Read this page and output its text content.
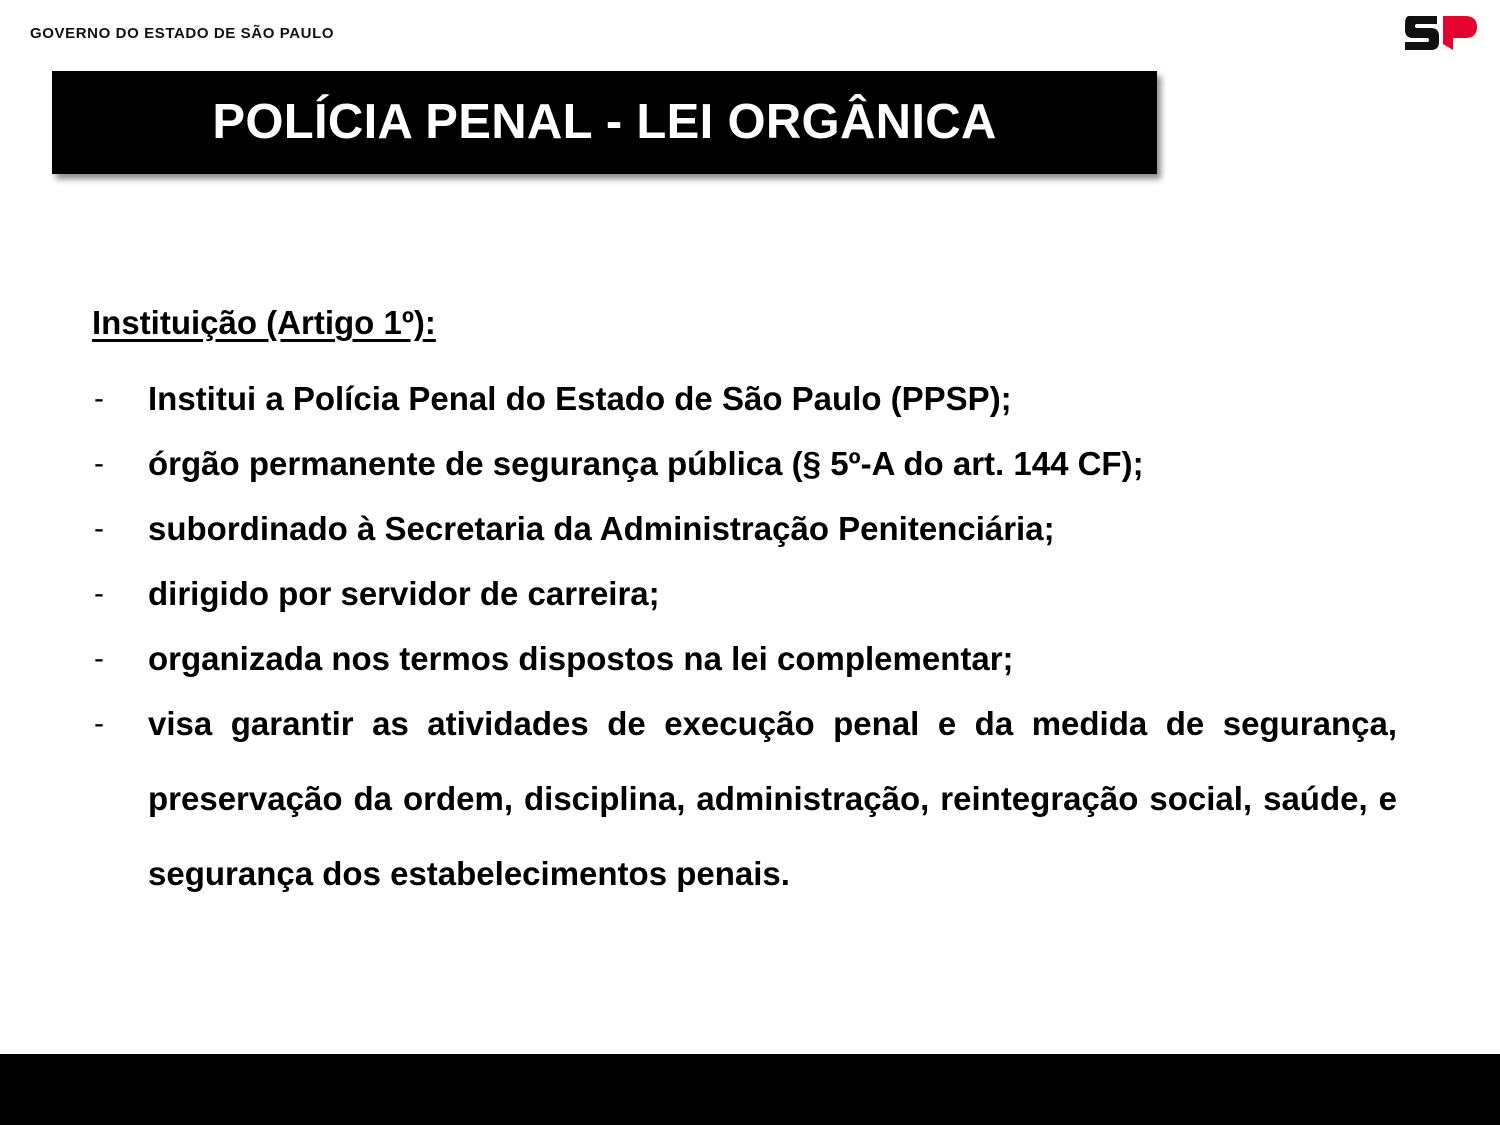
GOVERNO DO ESTADO DE SÃO PAULO
POLÍCIA PENAL - LEI ORGÂNICA
Instituição (Artigo 1º):
- Institui a Polícia Penal do Estado de São Paulo (PPSP);
- órgão permanente de segurança pública (§ 5º-A do art. 144 CF);
- subordinado à Secretaria da Administração Penitenciária;
- dirigido por servidor de carreira;
- organizada nos termos dispostos na lei complementar;
- visa garantir as atividades de execução penal e da medida de segurança, preservação da ordem, disciplina, administração, reintegração social, saúde, e segurança dos estabelecimentos penais.
